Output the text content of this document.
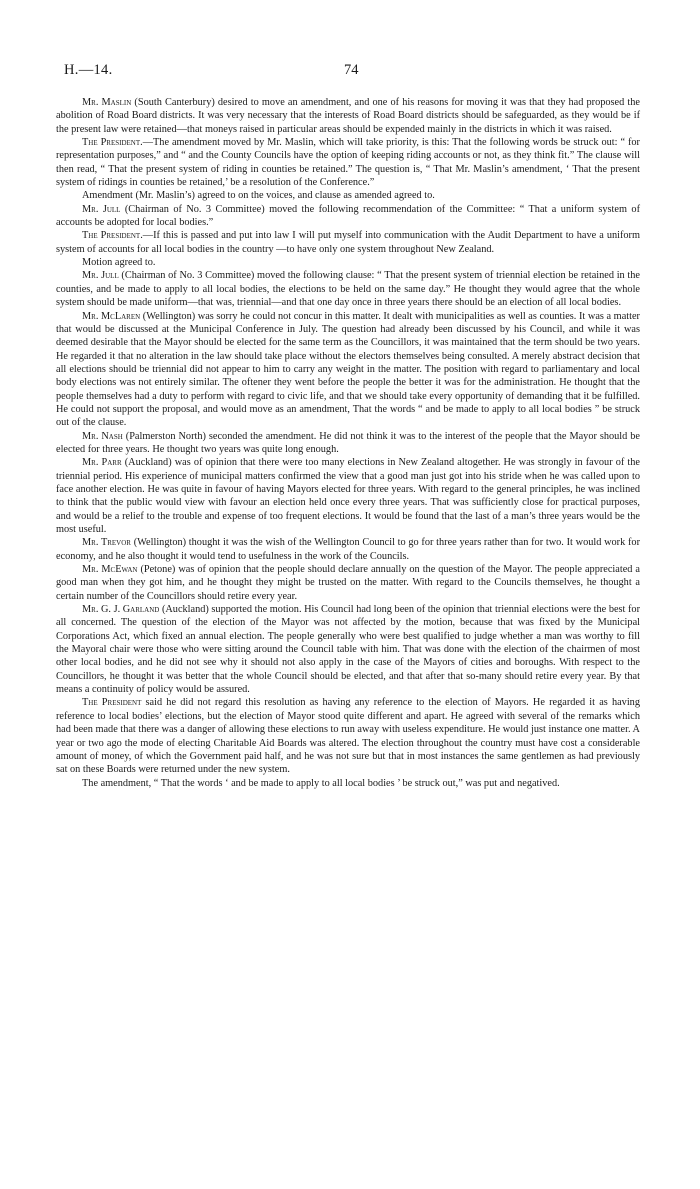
H.—14.	74

Mr. Maslin (South Canterbury) desired to move an amendment, and one of his reasons for moving it was that they had proposed the abolition of Road Board districts. It was very necessary that the interests of Road Board districts should be safeguarded, as they would be if the present law were retained—that moneys raised in particular areas should be expended mainly in the districts in which it was raised.

The President.—The amendment moved by Mr. Maslin, which will take priority, is this: That the following words be struck out: “ for representation purposes,” and “ and the County Councils have the option of keeping riding accounts or not, as they think fit.” The clause will then read, “ That the present system of riding in counties be retained.” The question is, “ That Mr. Maslin’s amendment, ‘ That the present system of ridings in counties be retained,’ be a resolution of the Conference.”

Amendment (Mr. Maslin’s) agreed to on the voices, and clause as amended agreed to.

Mr. Jull (Chairman of No. 3 Committee) moved the following recommendation of the Committee: “ That a uniform system of accounts be adopted for local bodies.”

The President.—If this is passed and put into law I will put myself into communication with the Audit Department to have a uniform system of accounts for all local bodies in the country —to have only one system throughout New Zealand.

Motion agreed to.

Mr. Jull (Chairman of No. 3 Committee) moved the following clause: “ That the present system of triennial election be retained in the counties, and be made to apply to all local bodies, the elections to be held on the same day.” He thought they would agree that the whole system should be made uniform—that was, triennial—and that one day once in three years there should be an election of all local bodies.

Mr. McLaren (Wellington) was sorry he could not concur in this matter. It dealt with municipalities as well as counties. It was a matter that would be discussed at the Municipal Conference in July. The question had already been discussed by his Council, and while it was deemed desirable that the Mayor should be elected for the same term as the Councillors, it was maintained that the term should be two years. He regarded it that no alteration in the law should take place without the electors themselves being consulted. A merely abstract decision that all elections should be triennial did not appear to him to carry any weight in the matter. The position with regard to parliamentary and local body elections was not entirely similar. The oftener they went before the people the better it was for the administration. He thought that the people themselves had a duty to perform with regard to civic life, and that we should take every opportunity of demanding that it be fulfilled. He could not support the proposal, and would move as an amendment, That the words “ and be made to apply to all local bodies ” be struck out of the clause.

Mr. Nash (Palmerston North) seconded the amendment. He did not think it was to the interest of the people that the Mayor should be elected for three years. He thought two years was quite long enough.

Mr. Parr (Auckland) was of opinion that there were too many elections in New Zealand altogether. He was strongly in favour of the triennial period. His experience of municipal matters confirmed the view that a good man just got into his stride when he was called upon to face another election. He was quite in favour of having Mayors elected for three years. With regard to the general principles, he was inclined to think that the public would view with favour an election held once every three years. That was sufficiently close for practical purposes, and would be a relief to the trouble and expense of too frequent elections. It would be found that the last of a man’s three years would be the most useful.

Mr. Trevor (Wellington) thought it was the wish of the Wellington Council to go for three years rather than for two. It would work for economy, and he also thought it would tend to usefulness in the work of the Councils.

Mr. McEwan (Petone) was of opinion that the people should declare annually on the question of the Mayor. The people appreciated a good man when they got him, and he thought they might be trusted on the matter. With regard to the Councils themselves, he thought a certain number of the Councillors should retire every year.

Mr. G. J. Garland (Auckland) supported the motion. His Council had long been of the opinion that triennial elections were the best for all concerned. The question of the election of the Mayor was not affected by the motion, because that was fixed by the Municipal Corporations Act, which fixed an annual election. The people generally who were best qualified to judge whether a man was worthy to fill the Mayoral chair were those who were sitting around the Council table with him. That was done with the election of the chairmen of most other local bodies, and he did not see why it should not also apply in the case of the Mayors of cities and boroughs. With respect to the Councillors, he thought it was better that the whole Council should be elected, and that after that so-many should retire every year. By that means a continuity of policy would be assured.

The President said he did not regard this resolution as having any reference to the election of Mayors. He regarded it as having reference to local bodies’ elections, but the election of Mayor stood quite different and apart. He agreed with several of the remarks which had been made that there was a danger of allowing these elections to run away with useless expenditure. He would just instance one matter. A year or two ago the mode of electing Charitable Aid Boards was altered. The election throughout the country must have cost a considerable amount of money, of which the Government paid half, and he was not sure but that in most instances the same gentlemen as had previously sat on these Boards were returned under the new system.

The amendment, “ That the words ‘ and be made to apply to all local bodies ’ be struck out,” was put and negatived.
